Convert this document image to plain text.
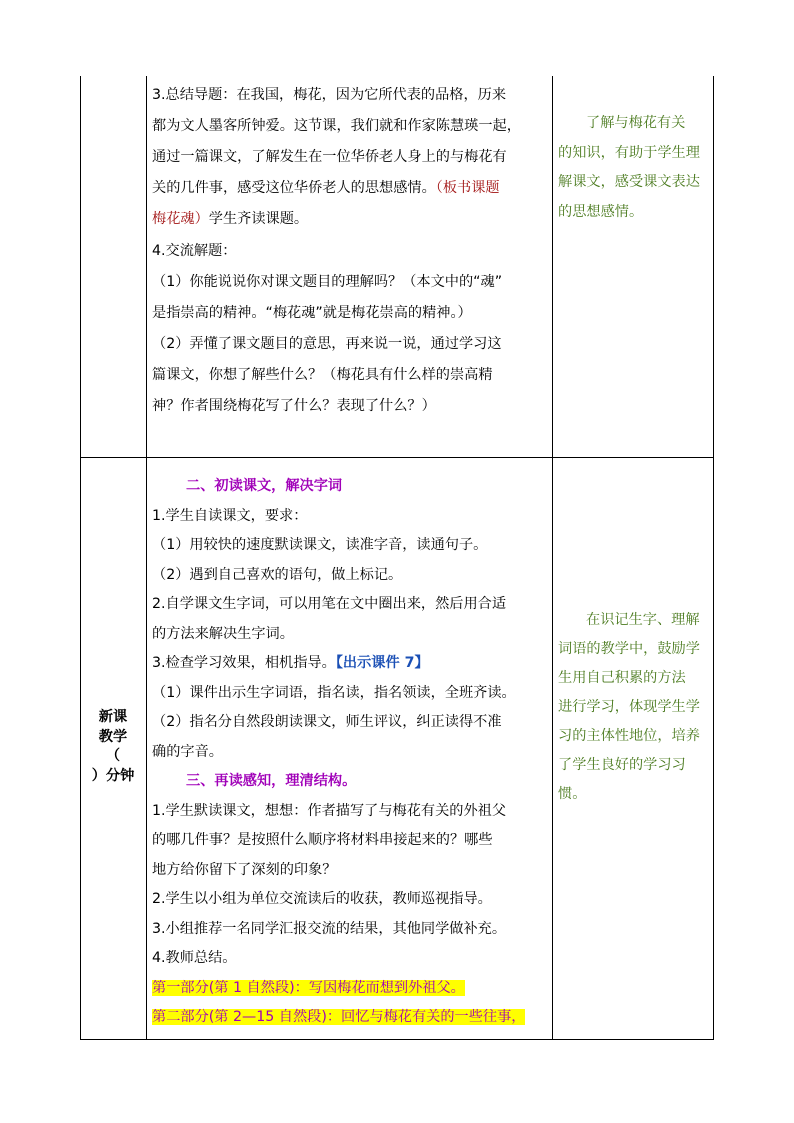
3.总结导题：在我国，梅花，因为它所代表的品格，历来
都为文人墨客所钟爱。这节课，我们就和作家陈慧瑛一起，
通过一篇课文，了解发生在一位华侨老人身上的与梅花有
关的几件事，感受这位华侨老人的思想感情。（板书课题
梅花魂）学生齐读课题。
4.交流解题：
（1）你能说说你对课文题目的理解吗？（本文中的“魂”
是指崇高的精神。“梅花魂”就是梅花崇高的精神。）
（2）弄懂了课文题目的意思，再来说一说，通过学习这
篇课文，你想了解些什么？（梅花具有什么样的崇高精
神？作者围绕梅花写了什么？表现了什么？）
了解与梅花有关
的知识，有助于学生理
解课文，感受课文表达
的思想感情。
新课
教学
（
）分钟
二、初读课文，解决字词
1.学生自读课文，要求：
（1）用较快的速度默读课文，读准字音，读通句子。
（2）遇到自己喜欢的语句，做上标记。
2.自学课文生字词，可以用笔在文中圈出来，然后用合适
的方法来解决生字词。
3.检查学习效果，相机指导。【出示课件 7】
（1）课件出示生字词语，指名读，指名领读，全班齐读。
（2）指名分自然段朗读课文，师生评议，纠正读得不准
确的字音。
三、再读感知，理清结构。
1.学生默读课文，想想：作者描写了与梅花有关的外祖父
的哪几件事？是按照什么顺序将材料串接起来的？哪些
地方给你留下了深刻的印象？
2.学生以小组为单位交流读后的收获，教师巡视指导。
3.小组推荐一名同学汇报交流的结果，其他同学做补充。
4.教师总结。
第一部分(第 1 自然段)：写因梅花而想到外祖父。
第二部分(第 2—15 自然段)：回忆与梅花有关的一些往事，
在识记生字、理解
词语的教学中，鼓励学
生用自己积累的方法
进行学习，体现学生学
习的主体性地位，培养
了学生良好的学习习
惯。
